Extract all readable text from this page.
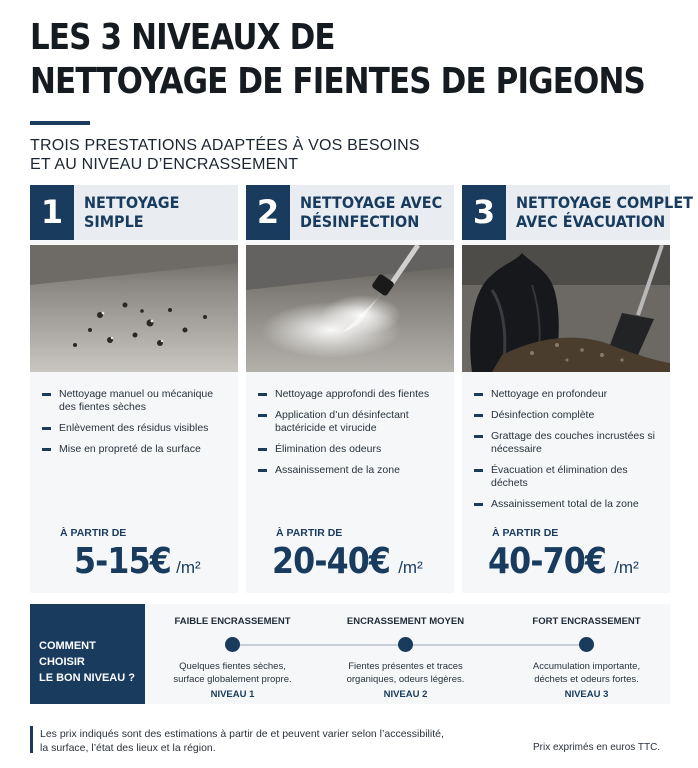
LES 3 NIVEAUX DE
NETTOYAGE DE FIENTES DE PIGEONS
TROIS PRESTATIONS ADAPTÉES À VOS BESOINS
ET AU NIVEAU D’ENCRASSEMENT
1	NETTOYAGE
SIMPLE
Nettoyage manuel ou mécanique des fientes sèches
Enlèvement des résidus visibles
Mise en propreté de la surface
À PARTIR DE
5-15€ /m²
2	NETTOYAGE AVEC
DÉSINFECTION
Nettoyage approfondi des fientes
Application d’un désinfectant bactéricide et virucide
Élimination des odeurs
Assainissement de la zone
À PARTIR DE
20-40€ /m²
3	NETTOYAGE COMPLET
AVEC ÉVACUATION
Nettoyage en profondeur
Désinfection complète
Grattage des couches incrustées si nécessaire
Évacuation et élimination des déchets
Assainissement total de la zone
À PARTIR DE
40-70€ /m²
COMMENT CHOISIR
LE BON NIVEAU ?
FAIBLE ENCRASSEMENT
Quelques fientes sèches,
surface globalement propre.
NIVEAU 1
ENCRASSEMENT MOYEN
Fientes présentes et traces
organiques, odeurs légères.
NIVEAU 2
FORT ENCRASSEMENT
Accumulation importante,
déchets et odeurs fortes.
NIVEAU 3
Les prix indiqués sont des estimations à partir de et peuvent varier selon l’accessibilité,
la surface, l’état des lieux et la région.	Prix exprimés en euros TTC.
